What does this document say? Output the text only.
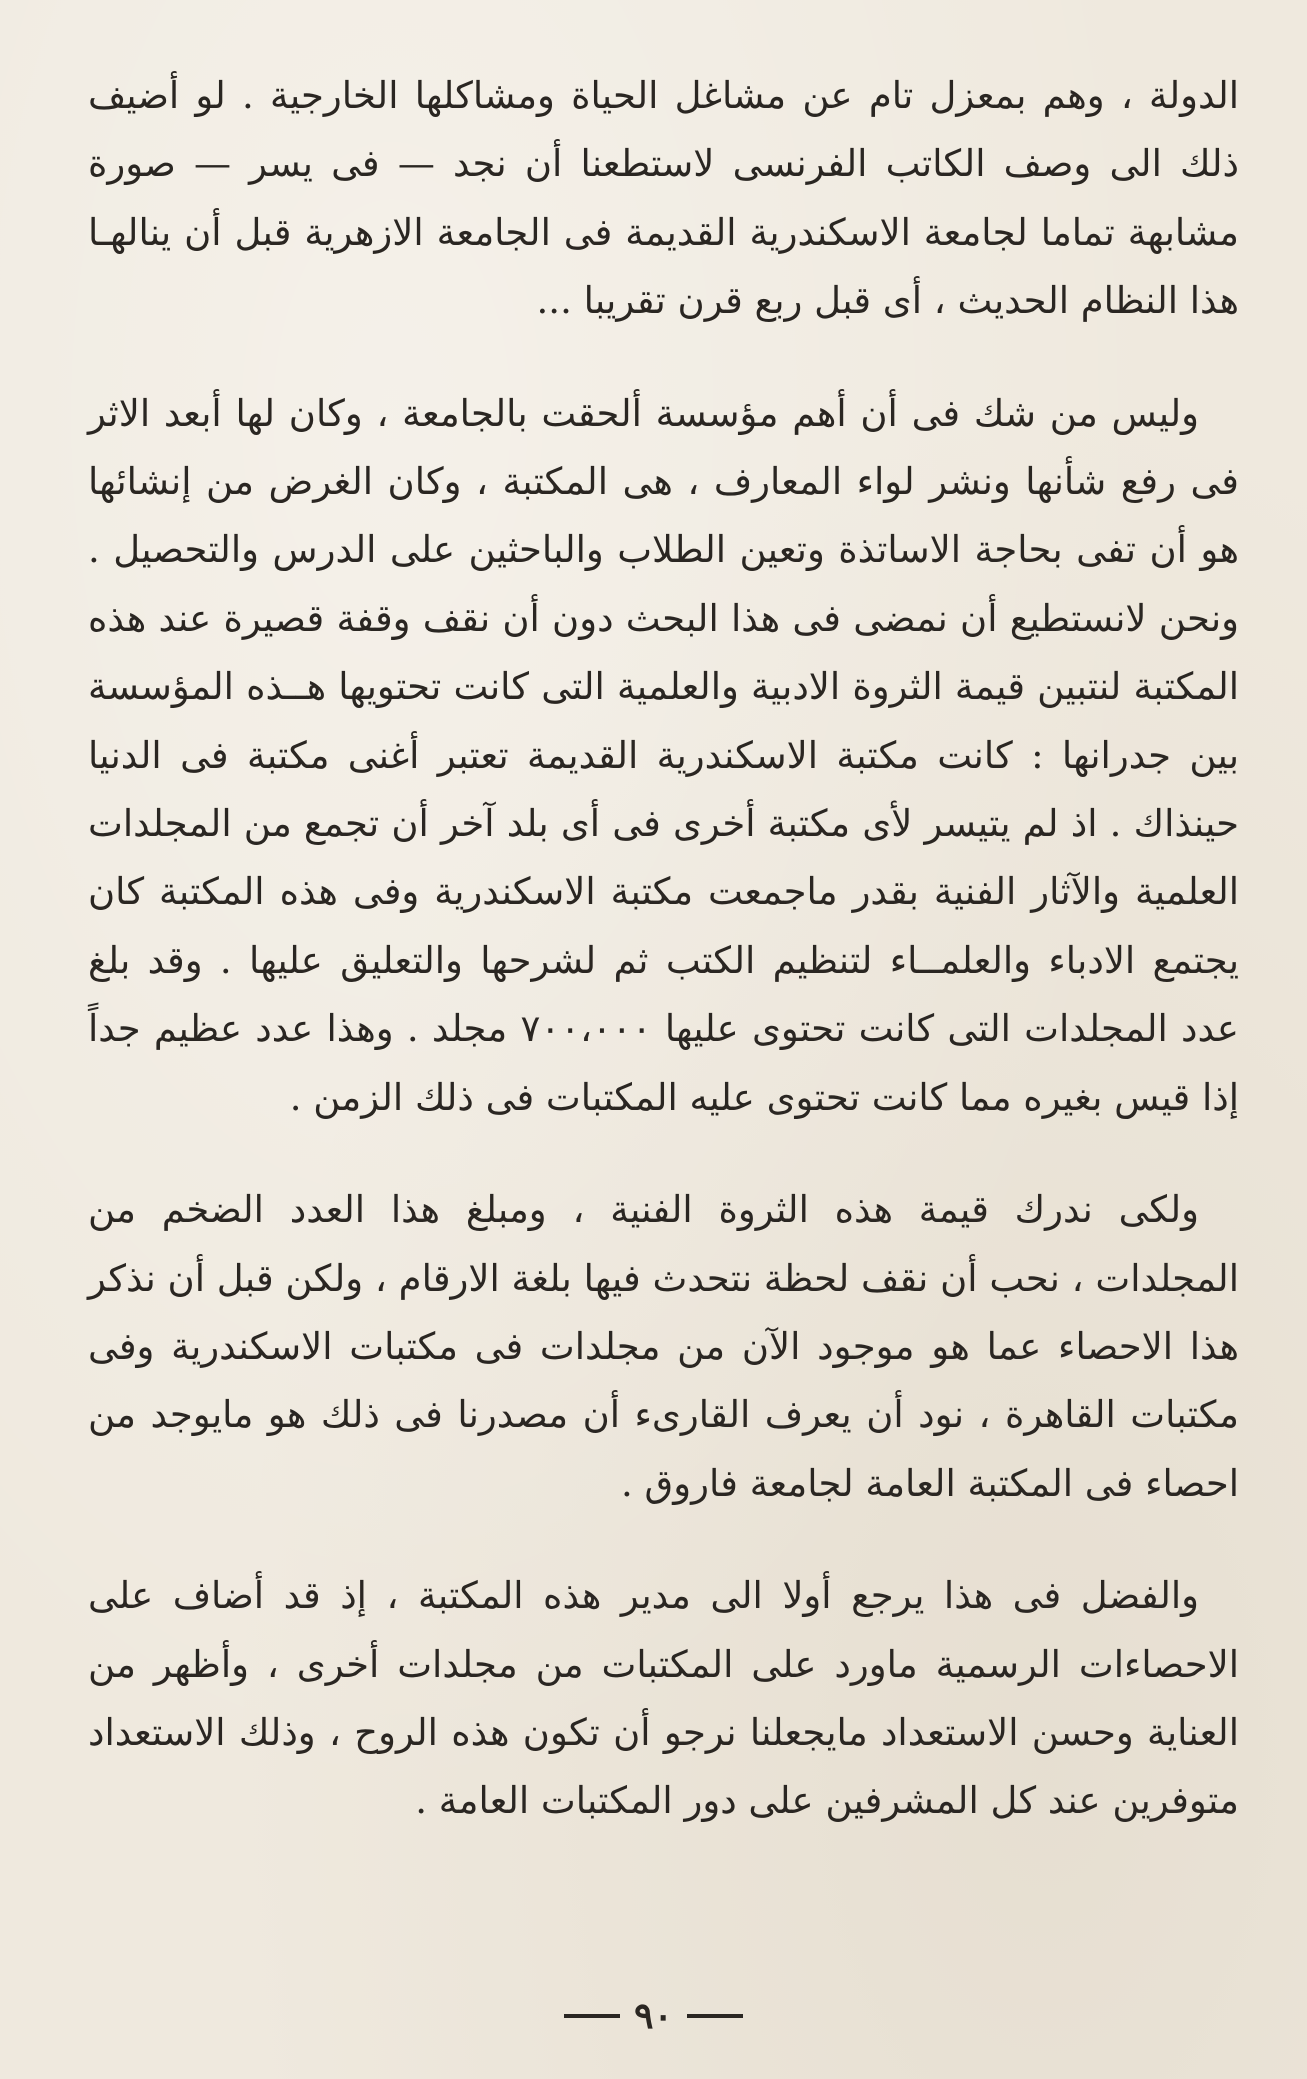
الدولة ، وهم بمعزل تام عن مشاغل الحياة ومشاكلها الخارجية . لو أضيف ذلك الى وصف الكاتب الفرنسى لاستطعنا أن نجد — فى يسر — صورة مشابهة تماما لجامعة الاسكندرية القديمة فى الجامعة الازهرية قبل أن ينالهـا هذا النظام الحديث ، أى قبل ربع قرن تقريبا ...

وليس من شك فى أن أهم مؤسسة ألحقت بالجامعة ، وكان لها أبعد الاثر فى رفع شأنها ونشر لواء المعارف ، هى المكتبة ، وكان الغرض من إنشائها هو أن تفى بحاجة الاساتذة وتعين الطلاب والباحثين على الدرس والتحصيل . ونحن لانستطيع أن نمضى فى هذا البحث دون أن نقف وقفة قصيرة عند هذه المكتبة لنتبين قيمة الثروة الادبية والعلمية التى كانت تحتويها هــذه المؤسسة بين جدرانها : كانت مكتبة الاسكندرية القديمة تعتبر أغنى مكتبة فى الدنيا حينذاك . اذ لم يتيسر لأى مكتبة أخرى فى أى بلد آخر أن تجمع من المجلدات العلمية والآثار الفنية بقدر ماجمعت مكتبة الاسكندرية وفى هذه المكتبة كان يجتمع الادباء والعلمــاء لتنظيم الكتب ثم لشرحها والتعليق عليها . وقد بلغ عدد المجلدات التى كانت تحتوى عليها ٧٠٠،٠٠٠ مجلد . وهذا عدد عظيم جداً إذا قيس بغيره مما كانت تحتوى عليه المكتبات فى ذلك الزمن .

ولكى ندرك قيمة هذه الثروة الفنية ، ومبلغ هذا العدد الضخم من المجلدات ، نحب أن نقف لحظة نتحدث فيها بلغة الارقام ، ولكن قبل أن نذكر هذا الاحصاء عما هو موجود الآن من مجلدات فى مكتبات الاسكندرية وفى مكتبات القاهرة ، نود أن يعرف القارىء أن مصدرنا فى ذلك هو مايوجد من احصاء فى المكتبة العامة لجامعة فاروق .

والفضل فى هذا يرجع أولا الى مدير هذه المكتبة ، إذ قد أضاف على الاحصاءات الرسمية ماورد على المكتبات من مجلدات أخرى ، وأظهر من العناية وحسن الاستعداد مايجعلنا نرجو أن تكون هذه الروح ، وذلك الاستعداد متوفرين عند كل المشرفين على دور المكتبات العامة .

٩٠
